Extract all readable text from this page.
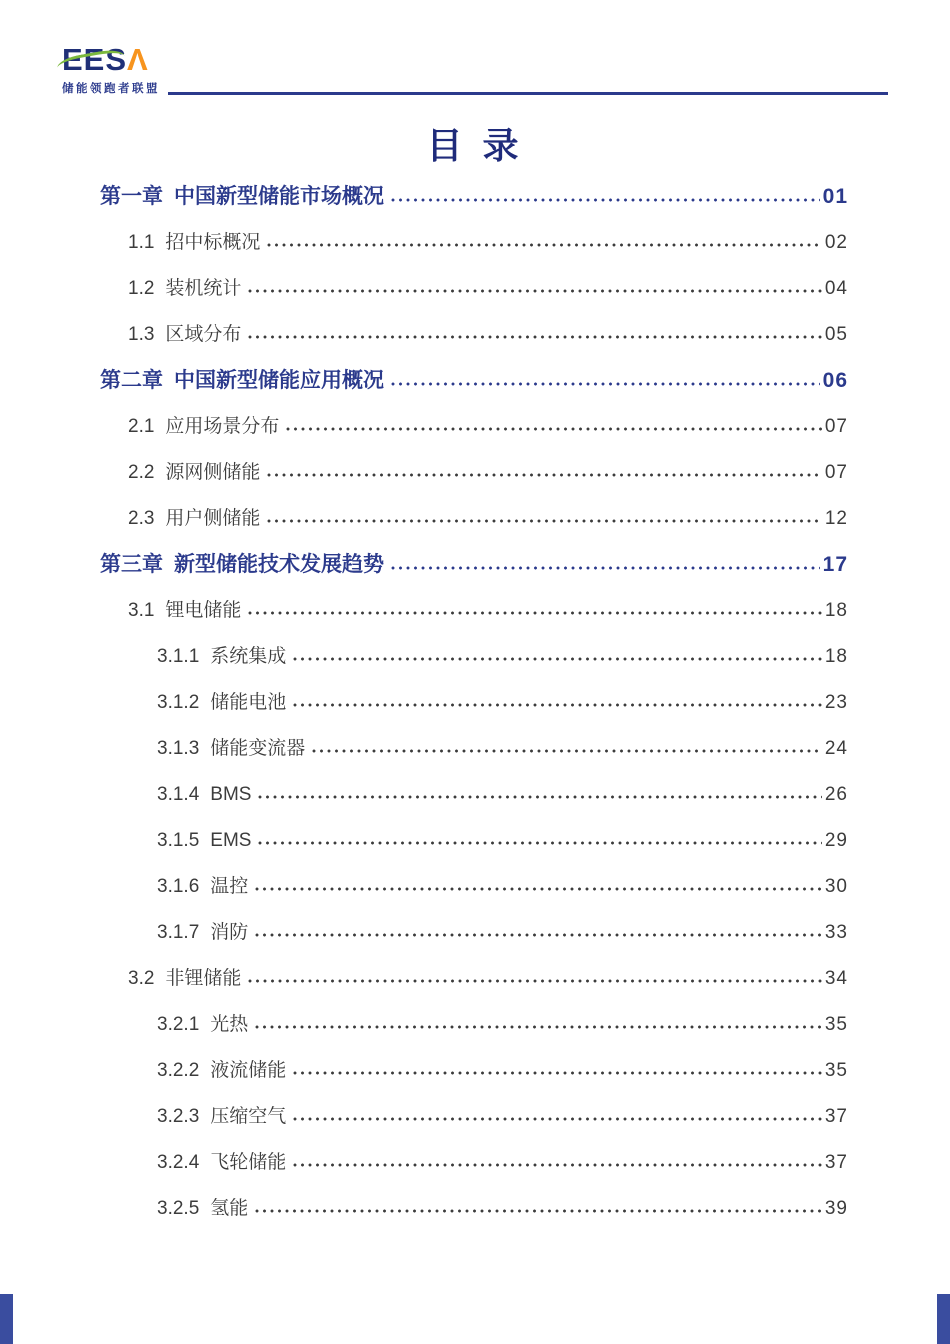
EESΛ
储能领跑者联盟
目 录
第一章 中国新型储能市场概况	01
1.1 招中标概况	02
1.2 装机统计	04
1.3 区域分布	05
第二章 中国新型储能应用概况	06
2.1 应用场景分布	07
2.2 源网侧储能	07
2.3 用户侧储能	12
第三章 新型储能技术发展趋势	17
3.1 锂电储能	18
3.1.1 系统集成	18
3.1.2 储能电池	23
3.1.3 储能变流器	24
3.1.4 BMS	26
3.1.5 EMS	29
3.1.6 温控	30
3.1.7 消防	33
3.2 非锂储能	34
3.2.1 光热	35
3.2.2 液流储能	35
3.2.3 压缩空气	37
3.2.4 飞轮储能	37
3.2.5 氢能	39
